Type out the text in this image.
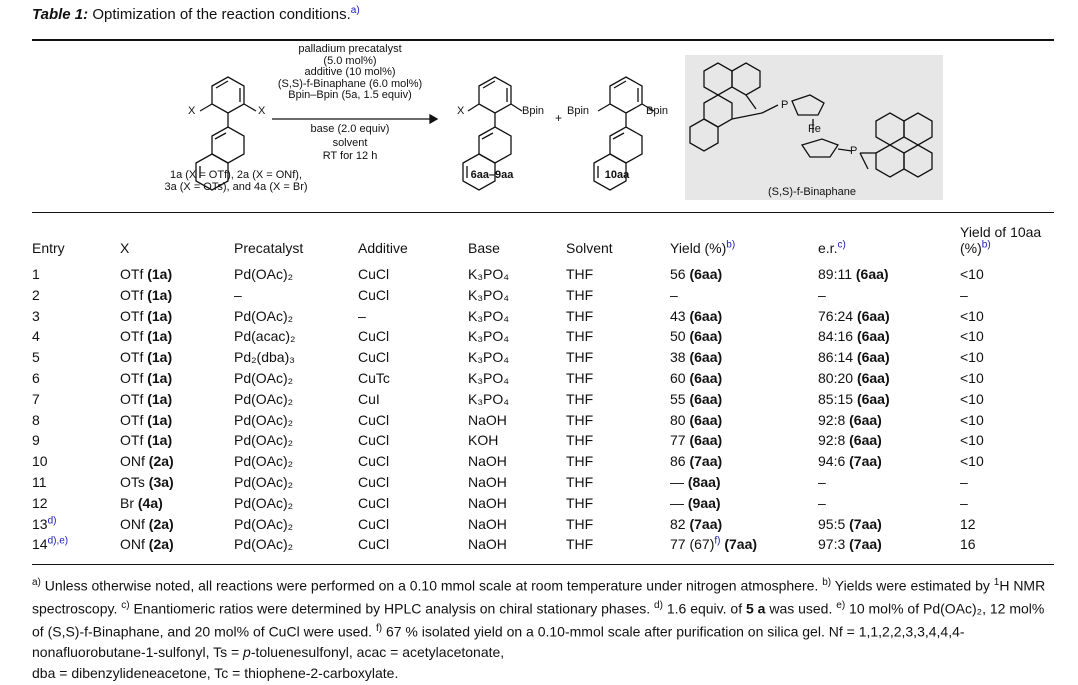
Table 1: Optimization of the reaction conditions.$^{a)}$
palladium precatalyst
(5.0 mol%)
additive (10 mol%)
(S,S)-f-Binaphane (6.0 mol%)
Bpin–Bpin (5a, 1.5 equiv)
base (2.0 equiv)
solvent
RT for 12 h
X	X	X	Bpin + Bpin	Bpin	P
Fe
P
1a (X = OTf), 2a (X = ONf),
3a (X = OTs), and 4a (X = Br)
6aa–9aa	10aa
(S,S)-f-Binaphane
Entry	X	Precatalyst	Additive	Base	Solvent	Yield (%)$^{b)}$	e.r.$^{c)}$	Yield of 10aa (%)$^{b)}$
1	OTf (1a)	Pd(OAc)₂	CuCl	K₃PO₄	THF	56 (6aa)	89:11 (6aa)	<10
2	OTf (1a)	–	CuCl	K₃PO₄	THF	–	–	–
3	OTf (1a)	Pd(OAc)₂	–	K₃PO₄	THF	43 (6aa)	76:24 (6aa)	<10
4	OTf (1a)	Pd(acac)₂	CuCl	K₃PO₄	THF	50 (6aa)	84:16 (6aa)	<10
5	OTf (1a)	Pd₂(dba)₃	CuCl	K₃PO₄	THF	38 (6aa)	86:14 (6aa)	<10
6	OTf (1a)	Pd(OAc)₂	CuTc	K₃PO₄	THF	60 (6aa)	80:20 (6aa)	<10
7	OTf (1a)	Pd(OAc)₂	CuI	K₃PO₄	THF	55 (6aa)	85:15 (6aa)	<10
8	OTf (1a)	Pd(OAc)₂	CuCl	NaOH	THF	80 (6aa)	92:8 (6aa)	<10
9	OTf (1a)	Pd(OAc)₂	CuCl	KOH	THF	77 (6aa)	92:8 (6aa)	<10
10	ONf (2a)	Pd(OAc)₂	CuCl	NaOH	THF	86 (7aa)	94:6 (7aa)	<10
11	OTs (3a)	Pd(OAc)₂	CuCl	NaOH	THF	— (8aa)	–	–
12	Br (4a)	Pd(OAc)₂	CuCl	NaOH	THF	— (9aa)	–	–
13$^{d)}$	ONf (2a)	Pd(OAc)₂	CuCl	NaOH	THF	82 (7aa)	95:5 (7aa)	12
$14^{d),e)}$	ONf (2a)	Pd(OAc)₂	CuCl	NaOH	THF	77 $(67)^{f)}$ (7aa)	97:3 (7aa)	16
$^{a)}$ Unless otherwise noted, all reactions were performed on a 0.10 mmol scale at room temperature under nitrogen atmosphere. $^{b)}$ Yields were estimated by $^1$H NMR spectroscopy. $^{c)}$ Enantiomeric ratios were determined by HPLC analysis on chiral stationary phases. $^{d)}$ 1.6 equiv. of 5 a was used. $^{e)}$ 10 mol% of Pd(OAc)₂, 12 mol% of (S,S)-f-Binaphane, and 20 mol% of CuCl were used. $^{f)}$ 67 % isolated yield on a 0.10-mmol scale after purification on silica gel. Nf = 1,1,2,2,3,3,4,4,4-nonafluorobutane-1-sulfonyl, Ts = p-toluenesulfonyl, acac = acetylacetonate,
dba = dibenzylideneacetone, Tc = thiophene-2-carboxylate.
